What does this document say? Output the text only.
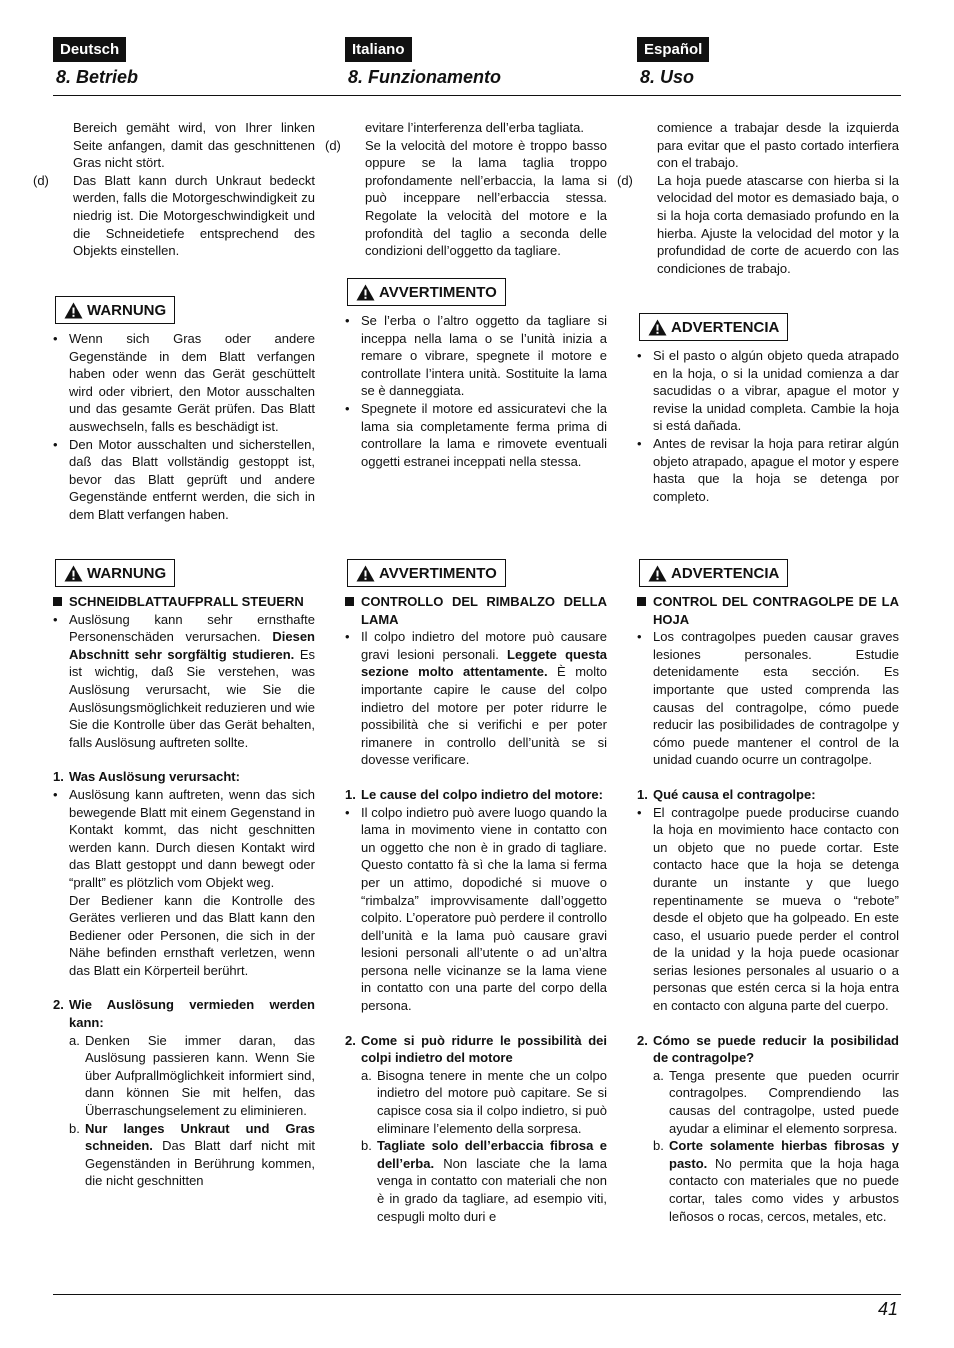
41
Deutsch
8. Betrieb

Bereich gemäht wird, von Ihrer linken Seite anfangen, damit das geschnittenen Gras nicht stört.

(d) Das Blatt kann durch Unkraut bedeckt werden, falls die Motorgeschwindigkeit zu niedrig ist. Die Motorgeschwindigkeit und die Schneidetiefe entsprechend des Objekts einstellen.

WARNUNG

• Wenn sich Gras oder andere Gegenstände in dem Blatt verfangen haben oder wenn das Gerät geschüttelt wird oder vibriert, den Motor ausschalten und das gesamte Gerät prüfen. Das Blatt auswechseln, falls es beschädigt ist.

• Den Motor ausschalten und sicherstellen, daß das Blatt vollständig gestoppt ist, bevor das Blatt geprüft und andere Gegenstände entfernt werden, die sich in dem Blatt verfangen haben.

WARNUNG

SCHNEIDBLATTAUFPRALL STEUERN

• Auslösung kann sehr ernsthafte Personenschäden verursachen. Diesen Abschnitt sehr sorgfältig studieren. Es ist wichtig, daß Sie verstehen, was Auslösung verursacht, wie Sie die Auslösungsmöglichkeit reduzieren und wie Sie die Kontrolle über das Gerät behalten, falls Auslösung auftreten sollte.

1. Was Auslösung verursacht:

• Auslösung kann auftreten, wenn das sich bewegende Blatt mit einem Gegenstand in Kontakt kommt, das nicht geschnitten werden kann. Durch diesen Kontakt wird das Blatt gestoppt und dann bewegt oder “prallt” es plötzlich vom Objekt weg.
Der Bediener kann die Kontrolle des Gerätes verlieren und das Blatt kann den Bediener oder Personen, die sich in der Nähe befinden ernsthaft verletzen, wenn das Blatt ein Körperteil berührt.

2. Wie Auslösung vermieden werden kann:

a. Denken Sie immer daran, das Auslösung passieren kann. Wenn Sie über Aufprallmöglichkeit informiert sind, dann können Sie mit helfen, das Überraschungselement zu eliminieren.

b. Nur langes Unkraut und Gras schneiden. Das Blatt darf nicht mit Gegenständen in Berührung kommen, die nicht geschnitten

Italiano
8. Funzionamento

evitare l’interferenza dell’erba tagliata.

(d) Se la velocità del motore è troppo basso oppure se la lama taglia troppo profondamente nell’erbaccia, la lama si può inceppare nell’erbaccia stessa. Regolate la velocità del motore e la profondità del taglio a seconda delle condizioni dell’oggetto da tagliare.

AVVERTIMENTO

• Se l’erba o l’altro oggetto da tagliare si inceppa nella lama o se l’unità inizia a remare o vibrare, spegnete il motore e controllate l’intera unità. Sostituite la lama se è danneggiata.

• Spegnete il motore ed assicuratevi che la lama sia completamente ferma prima di controllare la lama e rimovete eventuali oggetti estranei inceppati nella stessa.

AVVERTIMENTO

CONTROLLO DEL RIMBALZO DELLA LAMA

• Il colpo indietro del motore può causare gravi lesioni personali. Leggete questa sezione molto attentamente. È molto importante capire le cause del colpo indietro del motore per poter ridurre le possibilità che si verifichi e per poter rimanere in controllo dell’unità se si dovesse verificare.

1. Le cause del colpo indietro del motore:

• Il colpo indietro può avere luogo quando la lama in movimento viene in contatto con un oggetto che non è in grado di tagliare. Questo contatto fà sì che la lama si ferma per un attimo, dopodiché si muove o “rimbalza” improvvisamente dall’oggetto colpito. L’operatore può perdere il controllo dell’unità e la lama può causare gravi lesioni personali all’utente o ad un’altra persona nelle vicinanze se la lama viene in contatto con una parte del corpo della persona.

2. Come si può ridurre le possibilità dei colpi indietro del motore

a. Bisogna tenere in mente che un colpo indietro del motore può capitare. Se si capisce cosa sia il colpo indietro, si può eliminare l’elemento della sorpresa.

b. Tagliate solo dell’erbaccia fibrosa e dell’erba. Non lasciate che la lama venga in contatto con materiali che non è in grado da tagliare, ad esempio viti, cespugli molto duri e

Español
8. Uso

comience a trabajar desde la izquierda para evitar que el pasto cortado interfiera con el trabajo.

(d) La hoja puede atascarse con hierba si la velocidad del motor es demasiado baja, o si la hoja corta demasiado profundo en la hierba. Ajuste la velocidad del motor y la profundidad de corte de acuerdo con las condiciones de trabajo.

ADVERTENCIA

• Si el pasto o algún objeto queda atrapado en la hoja, o si la unidad comienza a dar sacudidas o a vibrar, apague el motor y revise la unidad completa. Cambie la hoja si está dañada.

• Antes de revisar la hoja para retirar algún objeto atrapado, apague el motor y espere hasta que la hoja se detenga por completo.

ADVERTENCIA

CONTROL DEL CONTRAGOLPE DE LA HOJA

• Los contragolpes pueden causar graves lesiones personales. Estudie detenidamente esta sección. Es importante que usted comprenda las causas del contragolpe, cómo puede reducir las posibilidades de contragolpe y cómo puede mantener el control de la unidad cuando ocurre un contragolpe.

1. Qué causa el contragolpe:

• El contragolpe puede producirse cuando la hoja en movimiento hace contacto con un objeto que no puede cortar. Este contacto hace que la hoja se detenga durante un instante y que luego repentinamente se mueva o “rebote” desde el objeto que ha golpeado. En este caso, el usuario puede perder el control de la unidad y la hoja puede ocasionar serias lesiones personales al usuario o a personas que estén cerca si la hoja entra en contacto con alguna parte del cuerpo.

2. Cómo se puede reducir la posibilidad de contragolpe?

a. Tenga presente que pueden ocurrir contragolpes. Comprendiendo las causas del contragolpe, usted puede ayudar a eliminar el elemento sorpresa.

b. Corte solamente hierbas fibrosas y pasto. No permita que la hoja haga contacto con materiales que no puede cortar, tales como vides y arbustos leñosos o rocas, cercos, metales, etc.
